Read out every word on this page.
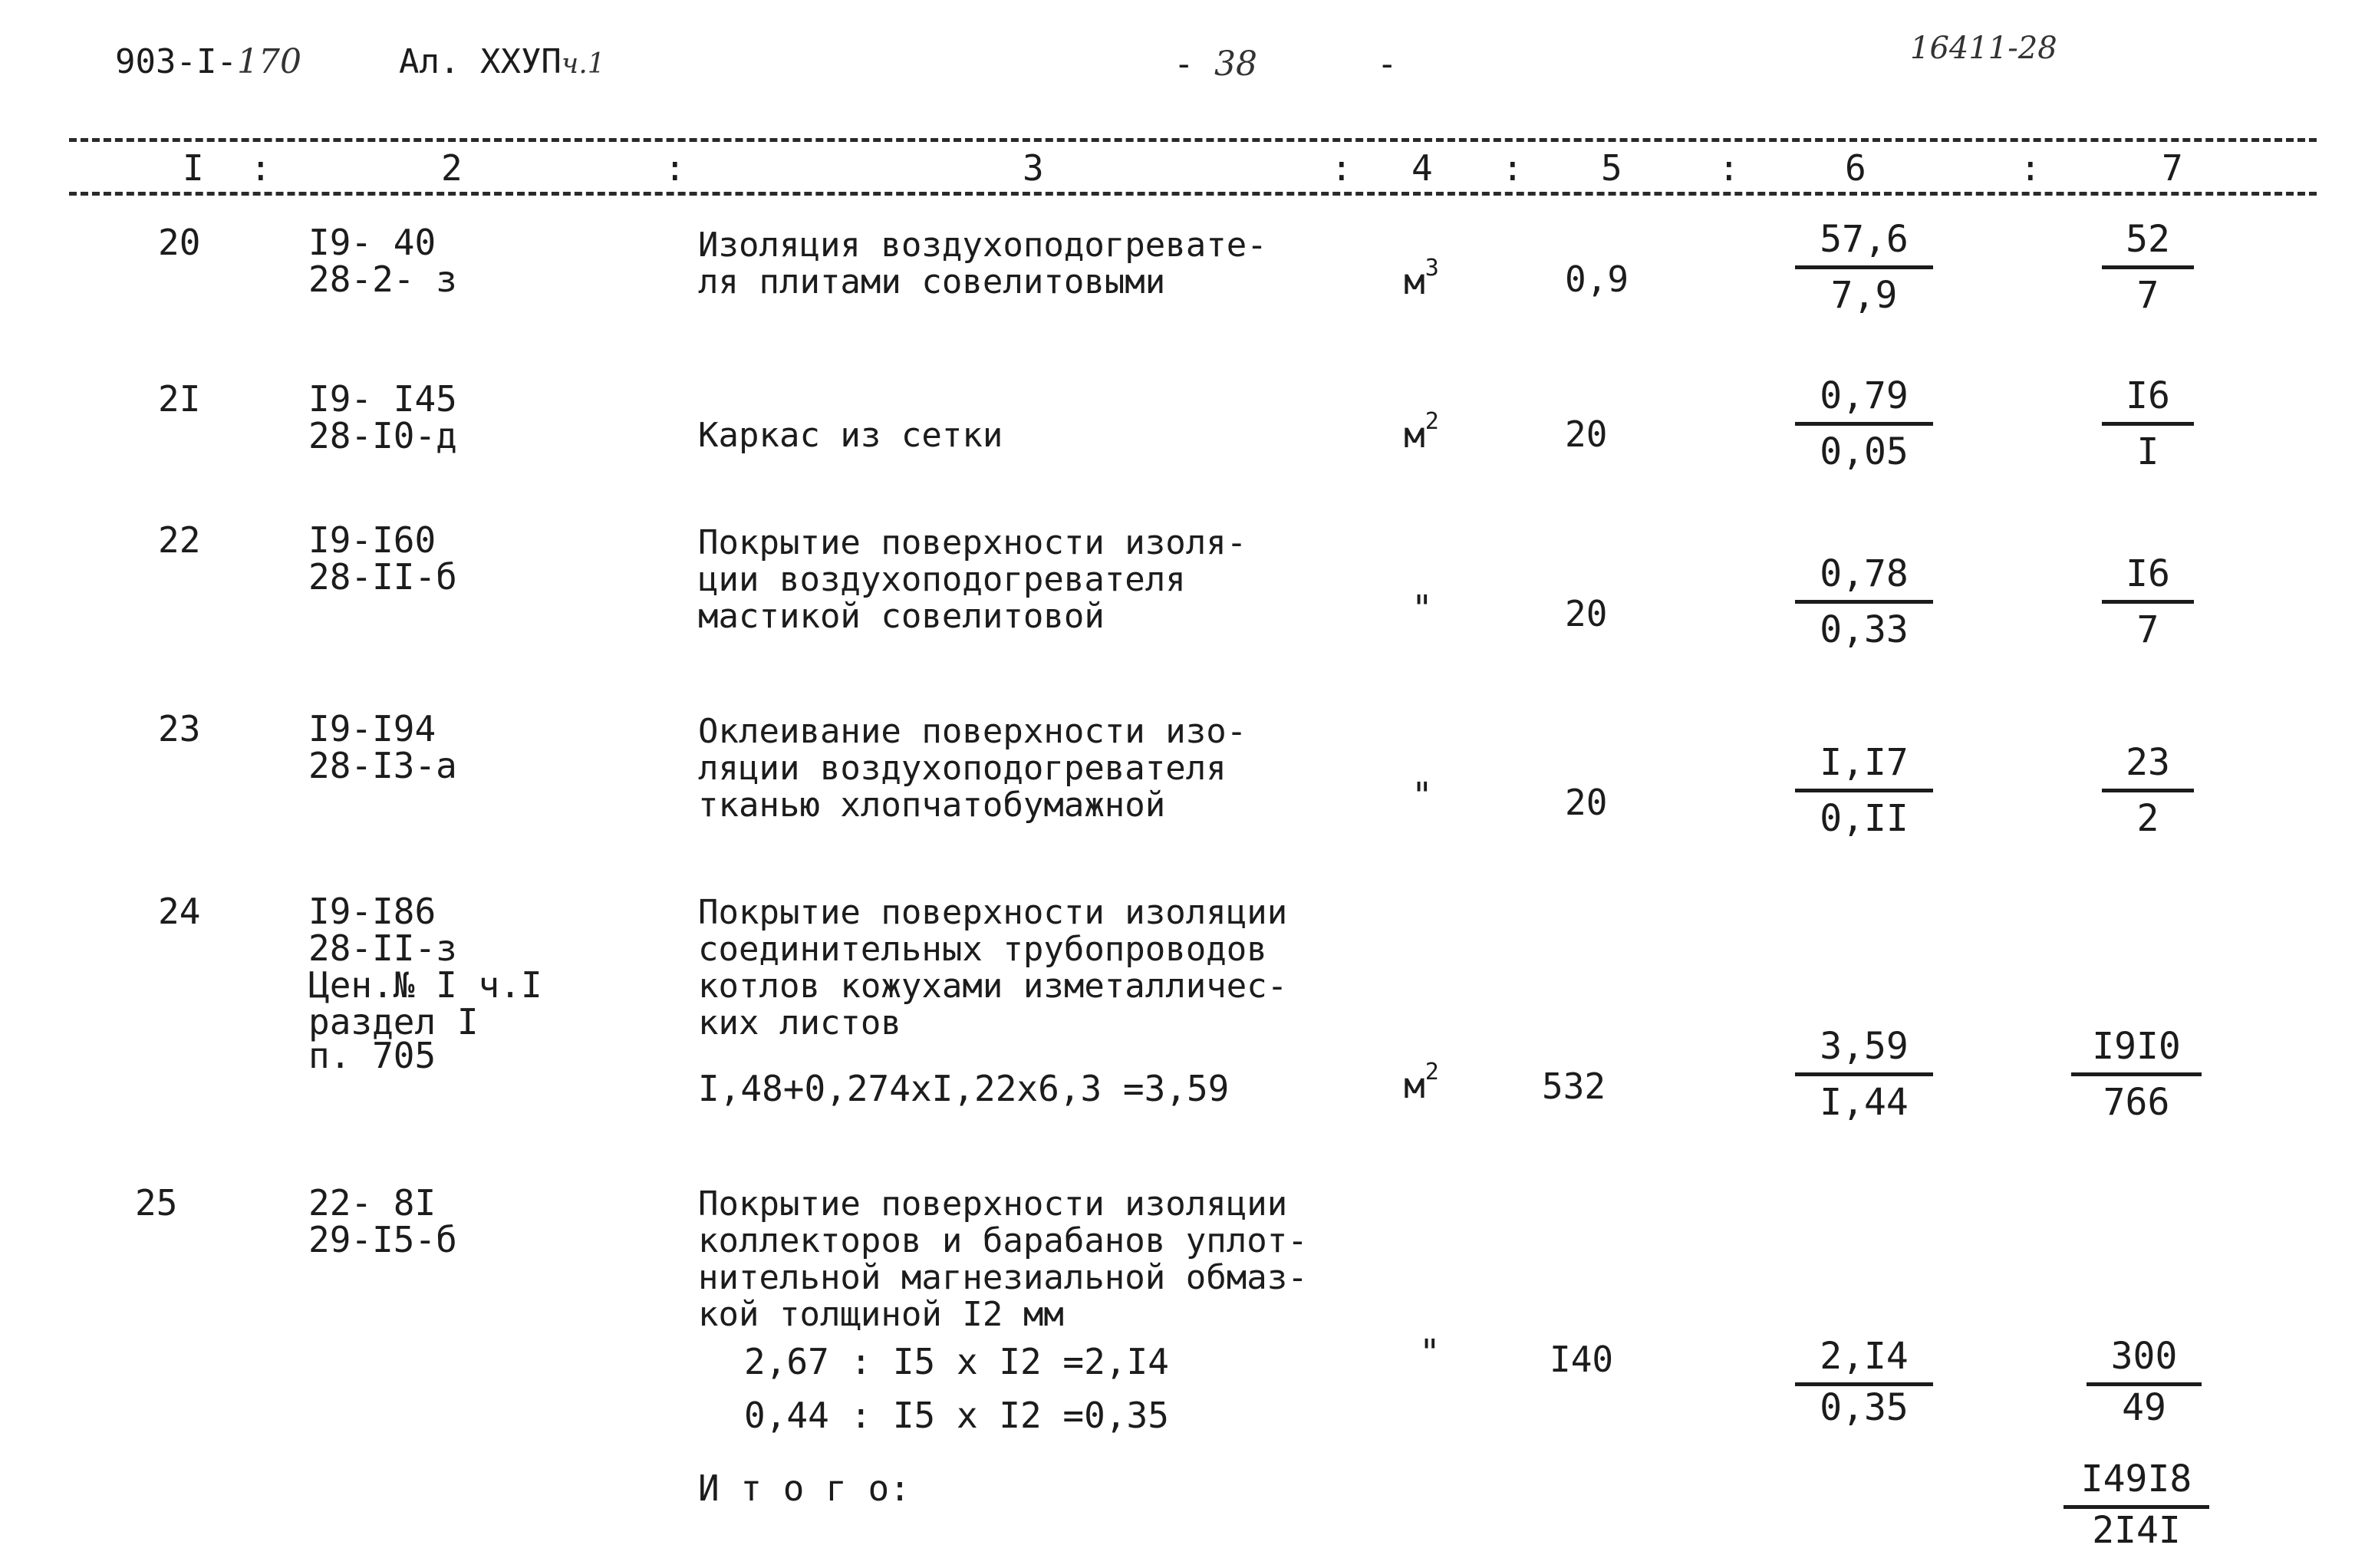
903-I-170	Ал. ХХУПч.1	- 38	-	16411-28
I :	2	:	3	: 4 : 5	:	6	:	7
20	I9- 40
28-2- з
Изоляция воздухоподогревате-
ля плитами совелитовыми	$м^3$	0,9	$\frac{57,6}{7,9}$	$\frac{52}{7}$
2I	I9- I45
28-I0-д	Каркас из сетки	$м^2$	20	$\frac{0,79}{0,05}$	$\frac{I6}{I}$
22	I9-I60
28-II-б
Покрытие поверхности изоля-
ции воздухоподогревателя
мастикой совелитовой	"	20	$\frac{0,78}{0,33}$	$\frac{I6}{7}$
23	I9-I94
28-I3-а
Оклеивание поверхности изо-
ляции воздухоподогревателя
тканью хлопчатобумажной	"	20	$\frac{I,I7}{0,II}$	$\frac{23}{2}$
24	I9-I86
28-II-з
Цен.№ I ч.I
раздел I
п. 705
Покрытие поверхности изоляции
соединительных трубопроводов
котлов кожухами изметалличес-
ких листов
I,48+0,274хI,22х6,3 =3,59	$м^2$	532	$\frac{3,59}{I,44}$	$\frac{I9I0}{766}$
25	22- 8I
29-I5-б
Покрытие поверхности изоляции
коллекторов и барабанов уплот-
нительной магнезиальной обмаз-
кой толщиной I2 мм
2,67 : I5 х I2 =2,I4
0,44 : I5 х I2 =0,35
"	I40	$\frac{2,I4}{0,35}$	$\frac{300}{49}$
И т о г о:	$\frac{I49I8}{2I4I}$
